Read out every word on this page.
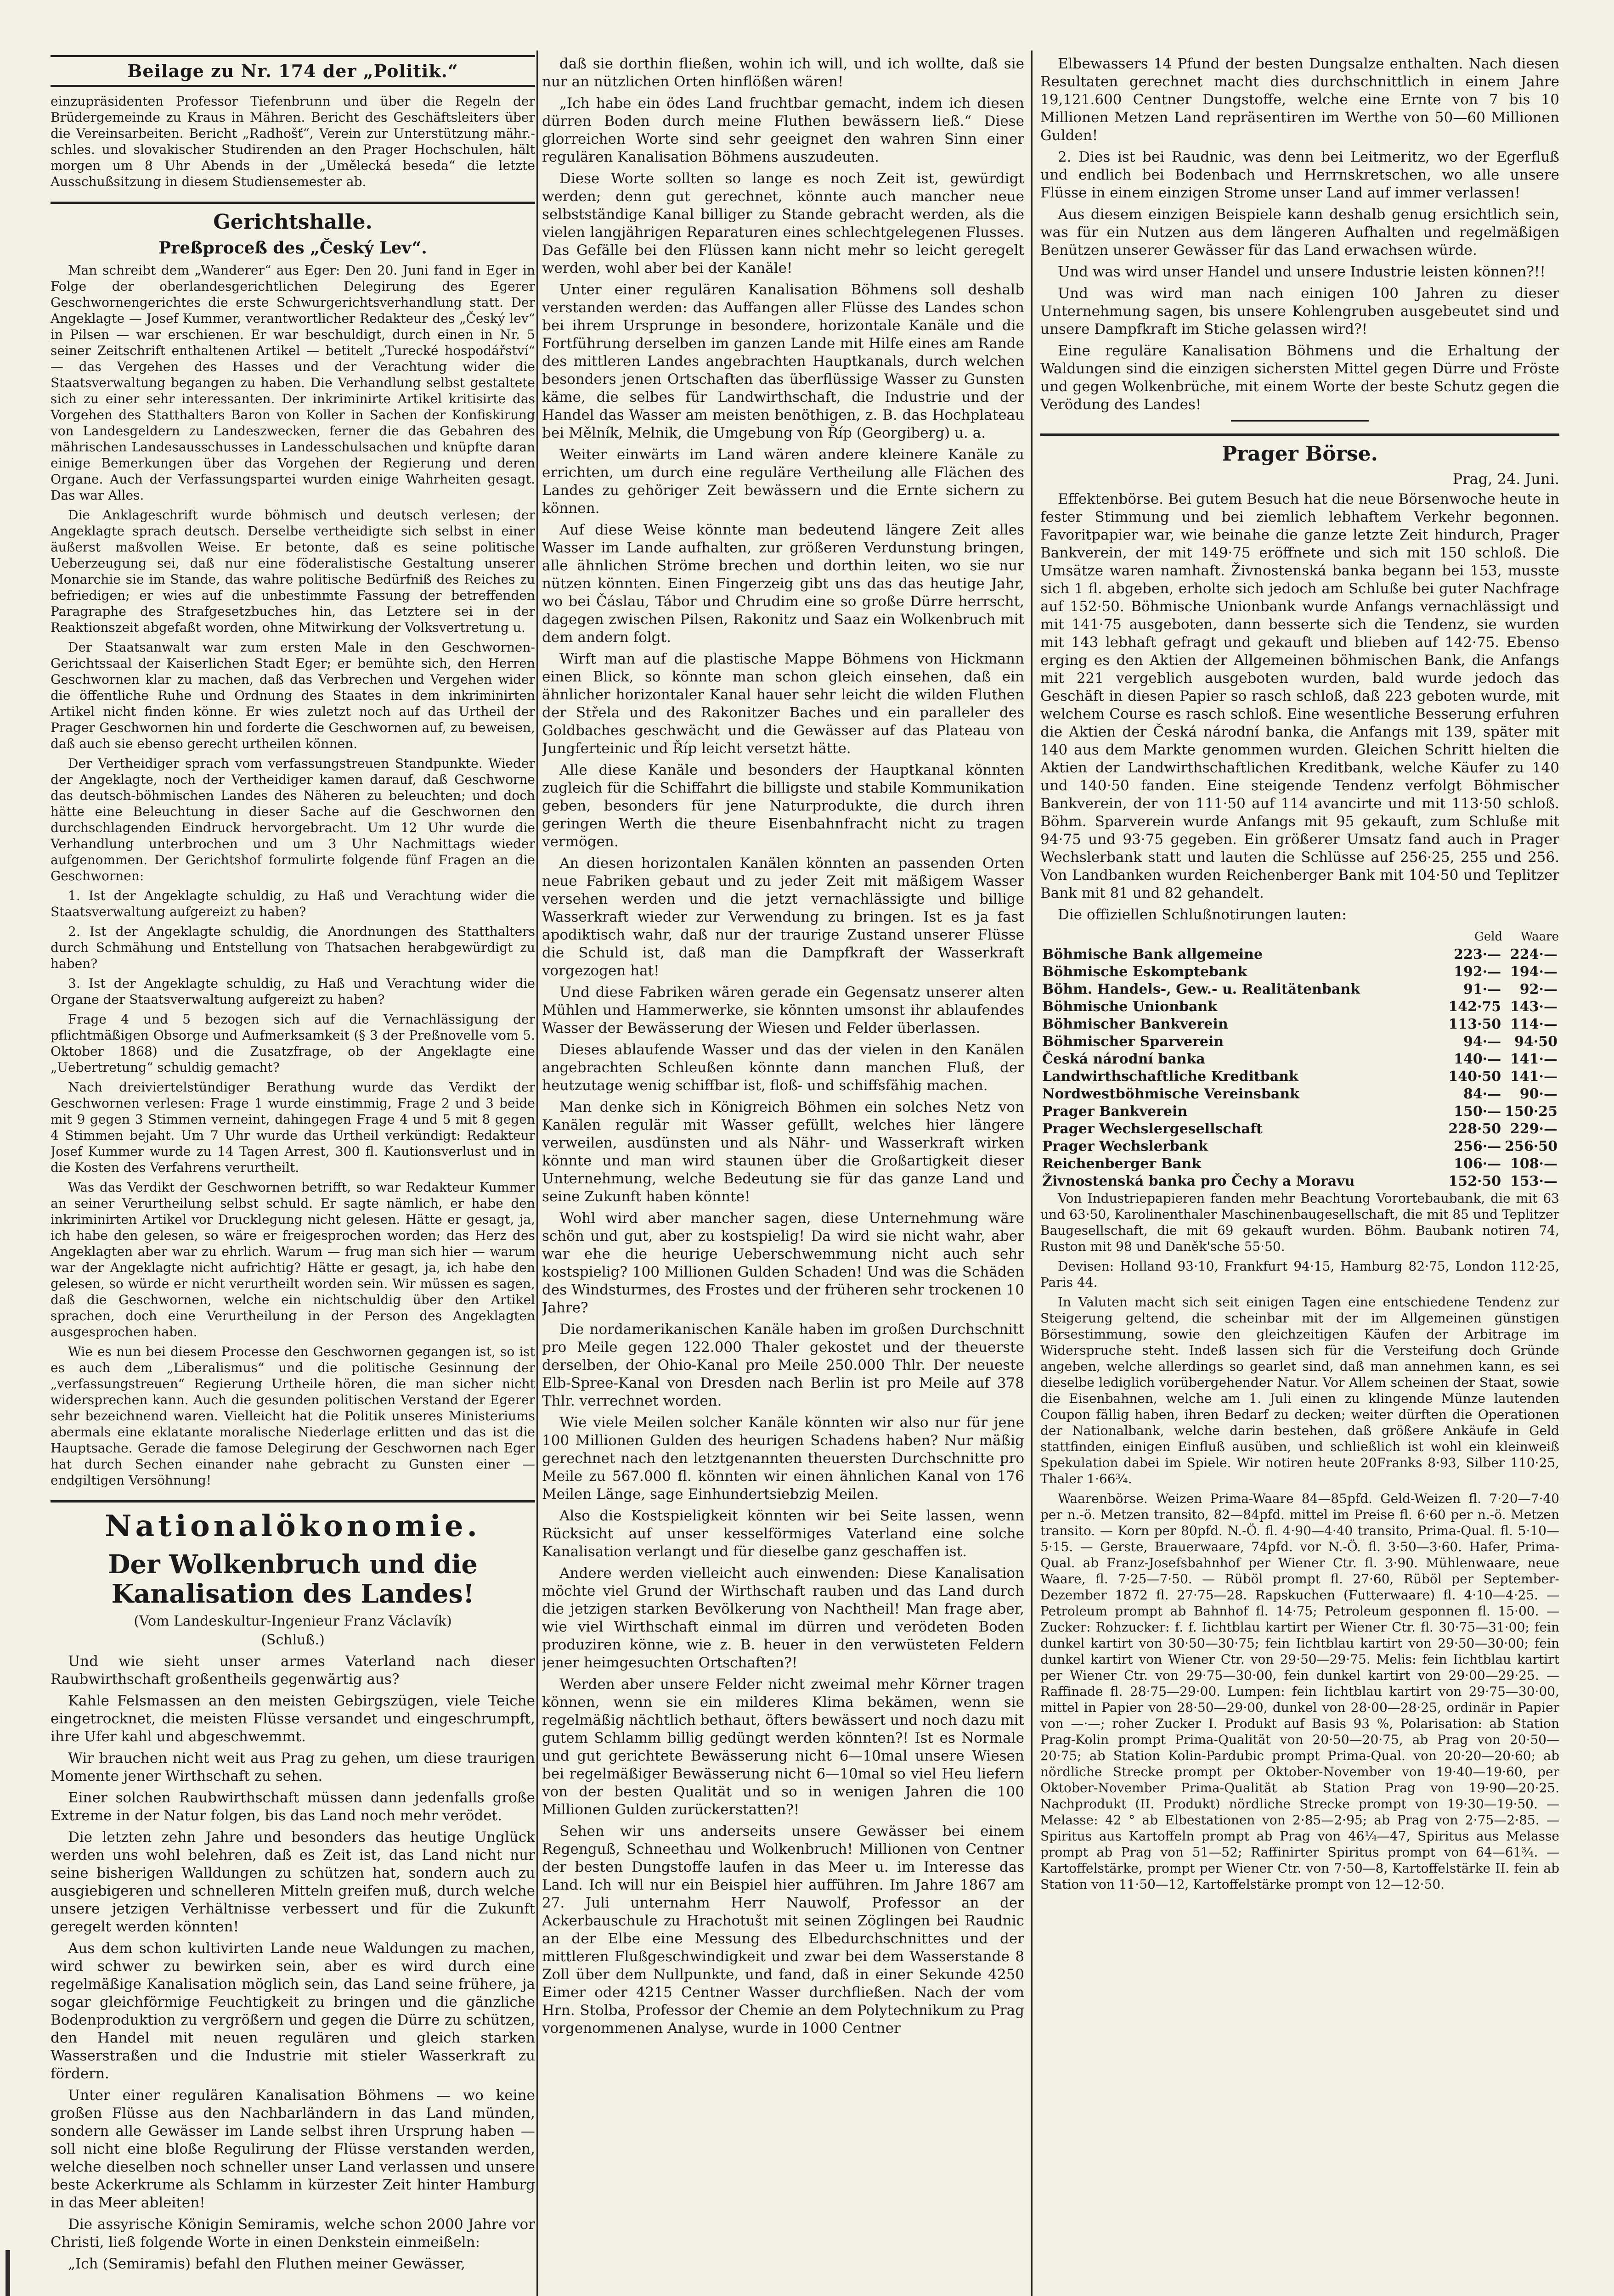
Beilage zu Nr. 174 der „Politik.“

einzupräsidenten Professor Tiefenbrunn und über die Regeln der Brüdergemeinde zu Kraus in Mähren. Bericht des Geschäftsleiters über die Vereinsarbeiten. Bericht „Radhošť“, Verein zur Unterstützung mähr.-schles. und slovakischer Studirenden an den Prager Hochschulen, hält morgen um 8 Uhr Abends in der „Umělecká beseda“ die letzte Ausschußsitzung in diesem Studiensemester ab.

Gerichtshalle.
Preßproceß des „Český Lev“.

Man schreibt dem „Wanderer“ aus Eger: Den 20. Juni fand in Eger in Folge der oberlandesgerichtlichen Delegirung des Egerer Geschwornengerichtes die erste Schwurgerichtsverhandlung statt. Der Angeklagte — Josef Kummer, verantwortlicher Redakteur des „Český lev“ in Pilsen — war erschienen. Er war beschuldigt, durch einen in Nr. 5 seiner Zeitschrift enthaltenen Artikel — betitelt „Turecké hospodářství“ — das Vergehen des Hasses und der Verachtung wider die Staatsverwaltung begangen zu haben. Die Verhandlung selbst gestaltete sich zu einer sehr interessanten. Der inkriminirte Artikel kritisirte das Vorgehen des Statthalters Baron von Koller in Sachen der Konfiskirung von Landesgeldern zu Landeszwecken, ferner die das Gebahren des mährischen Landesausschusses in Landesschulsachen und knüpfte daran einige Bemerkungen über das Vorgehen der Regierung und deren Organe. Auch der Verfassungspartei wurden einige Wahrheiten gesagt. Das war Alles.

Die Anklageschrift wurde böhmisch und deutsch verlesen; der Angeklagte sprach deutsch. Derselbe vertheidigte sich selbst in einer äußerst maßvollen Weise. Er betonte, daß es seine politische Ueberzeugung sei, daß nur eine föderalistische Gestaltung unserer Monarchie sie im Stande, das wahre politische Bedürfniß des Reiches zu befriedigen; er wies auf die unbestimmte Fassung der betreffenden Paragraphe des Strafgesetzbuches hin, das Letztere sei in der Reaktionszeit abgefaßt worden, ohne Mitwirkung der Volksvertretung u.

Der Staatsanwalt war zum ersten Male in den Geschwornen-Gerichtssaal der Kaiserlichen Stadt Eger; er bemühte sich, den Herren Geschwornen klar zu machen, daß das Verbrechen und Vergehen wider die öffentliche Ruhe und Ordnung des Staates in dem inkriminirten Artikel nicht finden könne. Er wies zuletzt noch auf das Urtheil der Prager Geschwornen hin und forderte die Geschwornen auf, zu beweisen, daß auch sie ebenso gerecht urtheilen können.

Der Vertheidiger sprach vom verfassungstreuen Standpunkte. Wieder der Angeklagte, noch der Vertheidiger kamen darauf, daß Geschworne das deutsch-böhmischen Landes des Näheren zu beleuchten; und doch hätte eine Beleuchtung in dieser Sache auf die Geschwornen den durchschlagenden Eindruck hervorgebracht. Um 12 Uhr wurde die Verhandlung unterbrochen und um 3 Uhr Nachmittags wieder aufgenommen. Der Gerichtshof formulirte folgende fünf Fragen an die Geschwornen:

1. Ist der Angeklagte schuldig, zu Haß und Verachtung wider die Staatsverwaltung aufgereizt zu haben?

2. Ist der Angeklagte schuldig, die Anordnungen des Statthalters durch Schmähung und Entstellung von Thatsachen herabgewürdigt zu haben?

3. Ist der Angeklagte schuldig, zu Haß und Verachtung wider die Organe der Staatsverwaltung aufgereizt zu haben?

Frage 4 und 5 bezogen sich auf die Vernachlässigung der pflichtmäßigen Obsorge und Aufmerksamkeit (§ 3 der Preßnovelle vom 5. Oktober 1868) und die Zusatzfrage, ob der Angeklagte eine „Uebertretung“ schuldig gemacht?

Nach dreiviertelstündiger Berathung wurde das Verdikt der Geschwornen verlesen: Frage 1 wurde einstimmig, Frage 2 und 3 beide mit 9 gegen 3 Stimmen verneint, dahingegen Frage 4 und 5 mit 8 gegen 4 Stimmen bejaht. Um 7 Uhr wurde das Urtheil verkündigt: Redakteur Josef Kummer wurde zu 14 Tagen Arrest, 300 fl. Kautionsverlust und in die Kosten des Verfahrens verurtheilt.

Was das Verdikt der Geschwornen betrifft, so war Redakteur Kummer an seiner Verurtheilung selbst schuld. Er sagte nämlich, er habe den inkriminirten Artikel vor Drucklegung nicht gelesen. Hätte er gesagt, ja, ich habe den gelesen, so wäre er freigesprochen worden; das Herz des Angeklagten aber war zu ehrlich. Warum — frug man sich hier — warum war der Angeklagte nicht aufrichtig? Hätte er gesagt, ja, ich habe den gelesen, so würde er nicht verurtheilt worden sein. Wir müssen es sagen, daß die Geschwornen, welche ein nichtschuldig über den Artikel sprachen, doch eine Verurtheilung in der Person des Angeklagten ausgesprochen haben.

Wie es nun bei diesem Processe den Geschwornen gegangen ist, so ist es auch dem „Liberalismus“ und die politische Gesinnung der „verfassungstreuen“ Regierung Urtheile hören, die man sicher nicht widersprechen kann. Auch die gesunden politischen Verstand der Egerer sehr bezeichnend waren. Vielleicht hat die Politik unseres Ministeriums abermals eine eklatante moralische Niederlage erlitten und das ist die Hauptsache. Gerade die famose Delegirung der Geschwornen nach Eger hat durch Sechen einander nahe gebracht zu Gunsten einer — endgiltigen Versöhnung!

Nationalökonomie.
Der Wolkenbruch und die Kanalisation des Landes!
(Vom Landeskultur-Ingenieur Franz Václavík)
(Schluß.)

Und wie sieht unser armes Vaterland nach dieser Raubwirthschaft großentheils gegenwärtig aus?

Kahle Felsmassen an den meisten Gebirgszügen, viele Teiche eingetrocknet, die meisten Flüsse versandet und eingeschrumpft, ihre Ufer kahl und abgeschwemmt.

Wir brauchen nicht weit aus Prag zu gehen, um diese traurigen Momente jener Wirthschaft zu sehen.

Einer solchen Raubwirthschaft müssen dann jedenfalls große Extreme in der Natur folgen, bis das Land noch mehr verödet.

Die letzten zehn Jahre und besonders das heutige Unglück werden uns wohl belehren, daß es Zeit ist, das Land nicht nur seine bisherigen Walldungen zu schützen hat, sondern auch zu ausgiebigeren und schnelleren Mitteln greifen muß, durch welche unsere jetzigen Verhältnisse verbessert und für die Zukunft geregelt werden könnten!

Aus dem schon kultivirten Lande neue Waldungen zu machen, wird schwer zu bewirken sein, aber es wird durch eine regelmäßige Kanalisation möglich sein, das Land seine frühere, ja sogar gleichförmige Feuchtigkeit zu bringen und die gänzliche Bodenproduktion zu vergrößern und gegen die Dürre zu schützen, den Handel mit neuen regulären und gleich starken Wasserstraßen und die Industrie mit stieler Wasserkraft zu fördern.

Unter einer regulären Kanalisation Böhmens — wo keine großen Flüsse aus den Nachbarländern in das Land münden, sondern alle Gewässer im Lande selbst ihren Ursprung haben — soll nicht eine bloße Regulirung der Flüsse verstanden werden, welche dieselben noch schneller unser Land verlassen und unsere beste Ackerkrume als Schlamm in kürzester Zeit hinter Hamburg in das Meer ableiten!

Die assyrische Königin Semiramis, welche schon 2000 Jahre vor Christi, ließ folgende Worte in einen Denkstein einmeißeln:

„Ich (Semiramis) befahl den Fluthen meiner Gewässer,

daß sie dorthin fließen, wohin ich will, und ich wollte, daß sie nur an nützlichen Orten hinflößen wären!

„Ich habe ein ödes Land fruchtbar gemacht, indem ich diesen dürren Boden durch meine Fluthen bewässern ließ.“ Diese glorreichen Worte sind sehr geeignet den wahren Sinn einer regulären Kanalisation Böhmens auszudeuten.

Diese Worte sollten so lange es noch Zeit ist, gewürdigt werden; denn gut gerechnet, könnte auch mancher neue selbstständige Kanal billiger zu Stande gebracht werden, als die vielen langjährigen Reparaturen eines schlechtgelegenen Flusses. Das Gefälle bei den Flüssen kann nicht mehr so leicht geregelt werden, wohl aber bei der Kanäle!

Unter einer regulären Kanalisation Böhmens soll deshalb verstanden werden: das Auffangen aller Flüsse des Landes schon bei ihrem Ursprunge in besondere, horizontale Kanäle und die Fortführung derselben im ganzen Lande mit Hilfe eines am Rande des mittleren Landes angebrachten Hauptkanals, durch welchen besonders jenen Ortschaften das überflüssige Wasser zu Gunsten käme, die selbes für Landwirthschaft, die Industrie und der Handel das Wasser am meisten benöthigen, z. B. das Hochplateau bei Mělník, Melnik, die Umgebung von Říp (Georgiberg) u. a.

Weiter einwärts im Land wären andere kleinere Kanäle zu errichten, um durch eine reguläre Vertheilung alle Flächen des Landes zu gehöriger Zeit bewässern und die Ernte sichern zu können.

Auf diese Weise könnte man bedeutend längere Zeit alles Wasser im Lande aufhalten, zur größeren Verdunstung bringen, alle ähnlichen Ströme brechen und dorthin leiten, wo sie nur nützen könnten. Einen Fingerzeig gibt uns das das heutige Jahr, wo bei Čáslau, Tábor und Chrudim eine so große Dürre herrscht, dagegen zwischen Pilsen, Rakonitz und Saaz ein Wolkenbruch mit dem andern folgt.

Wirft man auf die plastische Mappe Böhmens von Hickmann einen Blick, so könnte man schon gleich einsehen, daß ein ähnlicher horizontaler Kanal hauer sehr leicht die wilden Fluthen der Střela und des Rakonitzer Baches und ein paralleler des Goldbaches geschwächt und die Gewässer auf das Plateau von Jungferteinic und Říp leicht versetzt hätte.

Alle diese Kanäle und besonders der Hauptkanal könnten zugleich für die Schiffahrt die billigste und stabile Kommunikation geben, besonders für jene Naturprodukte, die durch ihren geringen Werth die theure Eisenbahnfracht nicht zu tragen vermögen.

An diesen horizontalen Kanälen könnten an passenden Orten neue Fabriken gebaut und zu jeder Zeit mit mäßigem Wasser versehen werden und die jetzt vernachlässigte und billige Wasserkraft wieder zur Verwendung zu bringen. Ist es ja fast apodiktisch wahr, daß nur der traurige Zustand unserer Flüsse die Schuld ist, daß man die Dampfkraft der Wasserkraft vorgezogen hat!

Und diese Fabriken wären gerade ein Gegensatz unserer alten Mühlen und Hammerwerke, sie könnten umsonst ihr ablaufendes Wasser der Bewässerung der Wiesen und Felder überlassen.

Dieses ablaufende Wasser und das der vielen in den Kanälen angebrachten Schleußen könnte dann manchen Fluß, der heutzutage wenig schiffbar ist, floß- und schiffsfähig machen.

Man denke sich in Königreich Böhmen ein solches Netz von Kanälen regulär mit Wasser gefüllt, welches hier längere verweilen, ausdünsten und als Nähr- und Wasserkraft wirken könnte und man wird staunen über die Großartigkeit dieser Unternehmung, welche Bedeutung sie für das ganze Land und seine Zukunft haben könnte!

Wohl wird aber mancher sagen, diese Unternehmung wäre schön und gut, aber zu kostspielig! Da wird sie nicht wahr, aber war ehe die heurige Ueberschwemmung nicht auch sehr kostspielig? 100 Millionen Gulden Schaden! Und was die Schäden des Windsturmes, des Frostes und der früheren sehr trockenen 10 Jahre?

Die nordamerikanischen Kanäle haben im großen Durchschnitt pro Meile gegen 122.000 Thaler gekostet und der theuerste derselben, der Ohio-Kanal pro Meile 250.000 Thlr. Der neueste Elb-Spree-Kanal von Dresden nach Berlin ist pro Meile auf 378 Thlr. verrechnet worden.

Wie viele Meilen solcher Kanäle könnten wir also nur für jene 100 Millionen Gulden des heurigen Schadens haben? Nur mäßig gerechnet nach den letztgenannten theuersten Durchschnitte pro Meile zu 567.000 fl. könnten wir einen ähnlichen Kanal von 176 Meilen Länge, sage Einhundertsiebzig Meilen.

Also die Kostspieligkeit könnten wir bei Seite lassen, wenn Rücksicht auf unser kesselförmiges Vaterland eine solche Kanalisation verlangt und für dieselbe ganz geschaffen ist.

Andere werden vielleicht auch einwenden: Diese Kanalisation möchte viel Grund der Wirthschaft rauben und das Land durch die jetzigen starken Bevölkerung von Nachtheil! Man frage aber, wie viel Wirthschaft einmal im dürren und verödeten Boden produziren könne, wie z. B. heuer in den verwüsteten Feldern jener heimgesuchten Ortschaften?!

Werden aber unsere Felder nicht zweimal mehr Körner tragen können, wenn sie ein milderes Klima bekämen, wenn sie regelmäßig nächtlich bethaut, öfters bewässert und noch dazu mit gutem Schlamm billig gedüngt werden könnten?! Ist es Normale und gut gerichtete Bewässerung nicht 6—10mal unsere Wiesen bei regelmäßiger Bewässerung nicht 6—10mal so viel Heu liefern von der besten Qualität und so in wenigen Jahren die 100 Millionen Gulden zurückerstatten?!

Sehen wir uns anderseits unsere Gewässer bei einem Regenguß, Schneethau und Wolkenbruch! Millionen von Centner der besten Dungstoffe laufen in das Meer u. im Interesse das Land. Ich will nur ein Beispiel hier aufführen. Im Jahre 1867 am 27. Juli unternahm Herr Nauwolf, Professor an der Ackerbauschule zu Hrachotušt mit seinen Zöglingen bei Raudnic an der Elbe eine Messung des Elbedurchschnittes und der mittleren Flußgeschwindigkeit und zwar bei dem Wasserstande 8 Zoll über dem Nullpunkte, und fand, daß in einer Sekunde 4250 Eimer oder 4215 Centner Wasser durchfließen. Nach der vom Hrn. Stolba, Professor der Chemie an dem Polytechnikum zu Prag vorgenommenen Analyse, wurde in 1000 Centner

Elbewassers 14 Pfund der besten Dungsalze enthalten. Nach diesen Resultaten gerechnet macht dies durchschnittlich in einem Jahre 19,121.600 Centner Dungstoffe, welche eine Ernte von 7 bis 10 Millionen Metzen Land repräsentiren im Werthe von 50—60 Millionen Gulden!

2. Dies ist bei Raudnic, was denn bei Leitmeritz, wo der Egerfluß und endlich bei Bodenbach und Herrnskretschen, wo alle unsere Flüsse in einem einzigen Strome unser Land auf immer verlassen!

Aus diesem einzigen Beispiele kann deshalb genug ersichtlich sein, was für ein Nutzen aus dem längeren Aufhalten und regelmäßigen Benützen unserer Gewässer für das Land erwachsen würde.

Und was wird unser Handel und unsere Industrie leisten können?!!

Und was wird man nach einigen 100 Jahren zu dieser Unternehmung sagen, bis unsere Kohlengruben ausgebeutet sind und unsere Dampfkraft im Stiche gelassen wird?!

Eine reguläre Kanalisation Böhmens und die Erhaltung der Waldungen sind die einzigen sichersten Mittel gegen Dürre und Fröste und gegen Wolkenbrüche, mit einem Worte der beste Schutz gegen die Verödung des Landes!

Prager Börse.
Prag, 24. Juni.

Effektenbörse. Bei gutem Besuch hat die neue Börsenwoche heute in fester Stimmung und bei ziemlich lebhaftem Verkehr begonnen. Favoritpapier war, wie beinahe die ganze letzte Zeit hindurch, Prager Bankverein, der mit 149·75 eröffnete und sich mit 150 schloß. Die Umsätze waren namhaft. Živnostenská banka begann bei 153, musste sich 1 fl. abgeben, erholte sich jedoch am Schluße bei guter Nachfrage auf 152·50. Böhmische Unionbank wurde Anfangs vernachlässigt und mit 141·75 ausgeboten, dann besserte sich die Tendenz, sie wurden mit 143 lebhaft gefragt und gekauft und blieben auf 142·75. Ebenso erging es den Aktien der Allgemeinen böhmischen Bank, die Anfangs mit 221 vergeblich ausgeboten wurden, bald wurde jedoch das Geschäft in diesen Papier so rasch schloß, daß 223 geboten wurde, mit welchem Course es rasch schloß. Eine wesentliche Besserung erfuhren die Aktien der Česká národní banka, die Anfangs mit 139, später mit 140 aus dem Markte genommen wurden. Gleichen Schritt hielten die Aktien der Landwirthschaftlichen Kreditbank, welche Käufer zu 140 und 140·50 fanden. Eine steigende Tendenz verfolgt Böhmischer Bankverein, der von 111·50 auf 114 avancirte und mit 113·50 schloß. Böhm. Sparverein wurde Anfangs mit 95 gekauft, zum Schluße mit 94·75 und 93·75 gegeben. Ein größerer Umsatz fand auch in Prager Wechslerbank statt und lauten die Schlüsse auf 256·25, 255 und 256. Von Landbanken wurden Reichenberger Bank mit 104·50 und Teplitzer Bank mit 81 und 82 gehandelt.

Die offiziellen Schlußnotirungen lauten:

	Geld	Waare
Böhmische Bank allgemeine	223·—	224·—
Böhmische Eskomptebank	192·—	194·—
Böhm. Handels-, Gew.- u. Realitätenbank	91·—	92·—
Böhmische Unionbank	142·75	143·—
Böhmischer Bankverein	113·50	114·—
Böhmischer Sparverein	94·—	94·50
Česká národní banka	140·—	141·—
Landwirthschaftliche Kreditbank	140·50	141·—
Nordwestböhmische Vereinsbank	84·—	90·—
Prager Bankverein	150·—	150·25
Prager Wechslergesellschaft	228·50	229·—
Prager Wechslerbank	256·—	256·50
Reichenberger Bank	106·—	108·—
Živnostenská banka pro Čechy a Moravu	152·50	153·—

Von Industriepapieren fanden mehr Beachtung Vorortebaubank, die mit 63 und 63·50, Karolinenthaler Maschinenbaugesellschaft, die mit 85 und Teplitzer Baugesellschaft, die mit 69 gekauft wurden. Böhm. Baubank notiren 74, Ruston mit 98 und Daněk'sche 55·50.

Devisen: Holland 93·10, Frankfurt 94·15, Hamburg 82·75, London 112·25, Paris 44.

In Valuten macht sich seit einigen Tagen eine entschiedene Tendenz zur Steigerung geltend, die scheinbar mit der im Allgemeinen günstigen Börsestimmung, sowie den gleichzeitigen Käufen der Arbitrage im Widerspruche steht. Indeß lassen sich für die Versteifung doch Gründe angeben, welche allerdings so gearlet sind, daß man annehmen kann, es sei dieselbe lediglich vorübergehender Natur. Vor Allem scheinen der Staat, sowie die Eisenbahnen, welche am 1. Juli einen zu klingende Münze lautenden Coupon fällig haben, ihren Bedarf zu decken; weiter dürften die Operationen der Nationalbank, welche darin bestehen, daß größere Ankäufe in Geld stattfinden, einigen Einfluß ausüben, und schließlich ist wohl ein kleinweiß Spekulation dabei im Spiele. Wir notiren heute 20Franks 8·93, Silber 110·25, Thaler 1·66¾.

Waarenbörse. Weizen Prima-Waare 84—85pfd. Geld-Weizen fl. 7·20—7·40 per n.-ö. Metzen transito, 82—84pfd. mittel im Preise fl. 6·60 per n.-ö. Metzen transito. — Korn per 80pfd. N.-Ö. fl. 4·90—4·40 transito, Prima-Qual. fl. 5·10—5·15. — Gerste, Brauerwaare, 74pfd. vor N.-Ö. fl. 3·50—3·60. Hafer, Prima-Qual. ab Franz-Josefsbahnhof per Wiener Ctr. fl. 3·90. Mühlenwaare, neue Waare, fl. 7·25—7·50. — Rüböl prompt fl. 27·60, Rüböl per September-Dezember 1872 fl. 27·75—28. Rapskuchen (Futterwaare) fl. 4·10—4·25. — Petroleum prompt ab Bahnhof fl. 14·75; Petroleum gesponnen fl. 15·00. — Zucker: Rohzucker: f. f. Iichtblau kartirt per Wiener Ctr. fl. 30·75—31·00; fein dunkel kartirt von 30·50—30·75; fein Iichtblau kartirt von 29·50—30·00; fein dunkel kartirt von Wiener Ctr. von 29·50—29·75. Melis: fein Iichtblau kartirt per Wiener Ctr. von 29·75—30·00, fein dunkel kartirt von 29·00—29·25. — Raffinade fl. 28·75—29·00. Lumpen: fein Iichtblau kartirt von 29·75—30·00, mittel in Papier von 28·50—29·00, dunkel von 28·00—28·25, ordinär in Papier von —·—; roher Zucker I. Produkt auf Basis 93 %, Polarisation: ab Station Prag-Kolin prompt Prima-Qualität von 20·50—20·75, ab Prag von 20·50—20·75; ab Station Kolin-Pardubic prompt Prima-Qual. von 20·20—20·60; ab nördliche Strecke prompt per Oktober-November von 19·40—19·60, per Oktober-November Prima-Qualität ab Station Prag von 19·90—20·25. Nachprodukt (II. Produkt) nördliche Strecke prompt von 19·30—19·50. — Melasse: 42 ° ab Elbestationen von 2·85—2·95; ab Prag von 2·75—2·85. — Spiritus aus Kartoffeln prompt ab Prag von 46¼—47, Spiritus aus Melasse prompt ab Prag von 51—52; Raffinirter Spiritus prompt von 64—61¾. — Kartoffelstärke, prompt per Wiener Ctr. von 7·50—8, Kartoffelstärke II. fein ab Station von 11·50—12, Kartoffelstärke prompt von 12—12·50.
